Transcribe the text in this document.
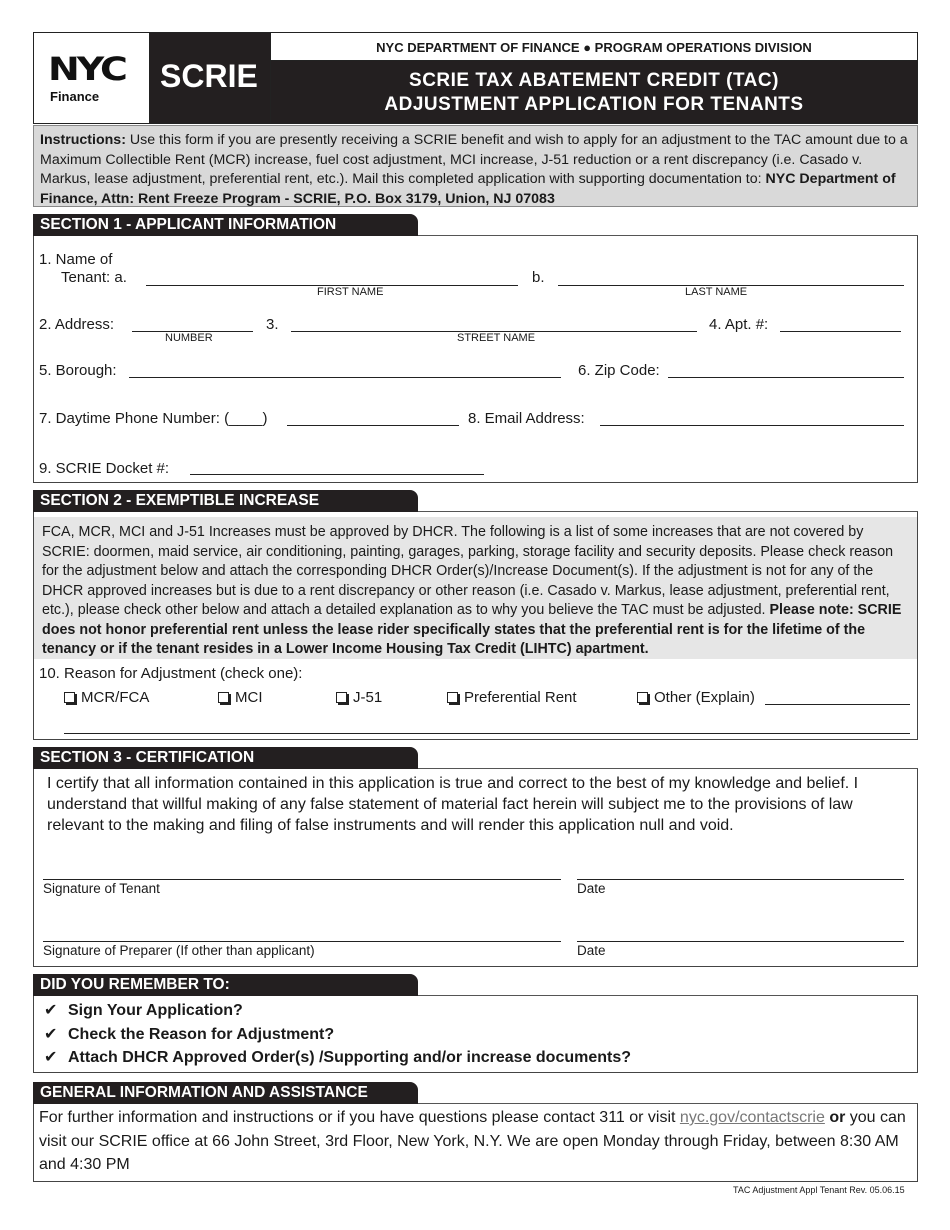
NYC
Finance
SCRIE
NYC DEPARTMENT OF FINANCE ● PROGRAM OPERATIONS DIVISION
SCRIE TAX ABATEMENT CREDIT (TAC)
ADJUSTMENT APPLICATION FOR TENANTS
Instructions: Use this form if you are presently receiving a SCRIE benefit and wish to apply for an adjustment to the TAC amount due to a Maximum Collectible Rent (MCR) increase, fuel cost adjustment, MCI increase, J-51 reduction or a rent discrepancy (i.e. Casado v. Markus, lease adjustment, preferential rent, etc.). Mail this completed application with supporting documentation to: NYC Department of Finance, Attn: Rent Freeze Program - SCRIE, P.O. Box 3179, Union, NJ 07083
SECTION 1 - APPLICANT INFORMATION
1. Name of
Tenant: a.
FIRST NAME
b.
LAST NAME
2. Address:
NUMBER
3.
STREET NAME
4. Apt. #:
5. Borough:	6. Zip Code:
7. Daytime Phone Number: (____)	8. Email Address:
9. SCRIE Docket #:
SECTION 2 - EXEMPTIBLE INCREASE
FCA, MCR, MCI and J-51 Increases must be approved by DHCR. The following is a list of some increases that are not covered by SCRIE: doormen, maid service, air conditioning, painting, garages, parking, storage facility and security deposits. Please check reason for the adjustment below and attach the corresponding DHCR Order(s)/Increase Document(s). If the adjustment is not for any of the DHCR approved increases but is due to a rent discrepancy or other reason (i.e. Casado v. Markus, lease adjustment, preferential rent, etc.), please check other below and attach a detailed explanation as to why you believe the TAC must be adjusted. Please note: SCRIE does not honor preferential rent unless the lease rider specifically states that the preferential rent is for the lifetime of the tenancy or if the tenant resides in a Lower Income Housing Tax Credit (LIHTC) apartment.
10. Reason for Adjustment (check one):
MCR/FCA	MCI	J-51	Preferential Rent	Other (Explain)
SECTION 3 - CERTIFICATION
I certify that all information contained in this application is true and correct to the best of my knowledge and belief. I understand that willful making of any false statement of material fact herein will subject me to the provisions of law relevant to the making and filing of false instruments and will render this application null and void.
Signature of Tenant	Date
Signature of Preparer (If other than applicant)	Date
DID YOU REMEMBER TO:
✔ Sign Your Application?
✔ Check the Reason for Adjustment?
✔ Attach DHCR Approved Order(s) /Supporting and/or increase documents?
GENERAL INFORMATION AND ASSISTANCE
For further information and instructions or if you have questions please contact 311 or visit nyc.gov/contactscrie or you can visit our SCRIE office at 66 John Street, 3rd Floor, New York, N.Y. We are open Monday through Friday, between 8:30 AM and 4:30 PM
TAC Adjustment Appl Tenant Rev. 05.06.15
